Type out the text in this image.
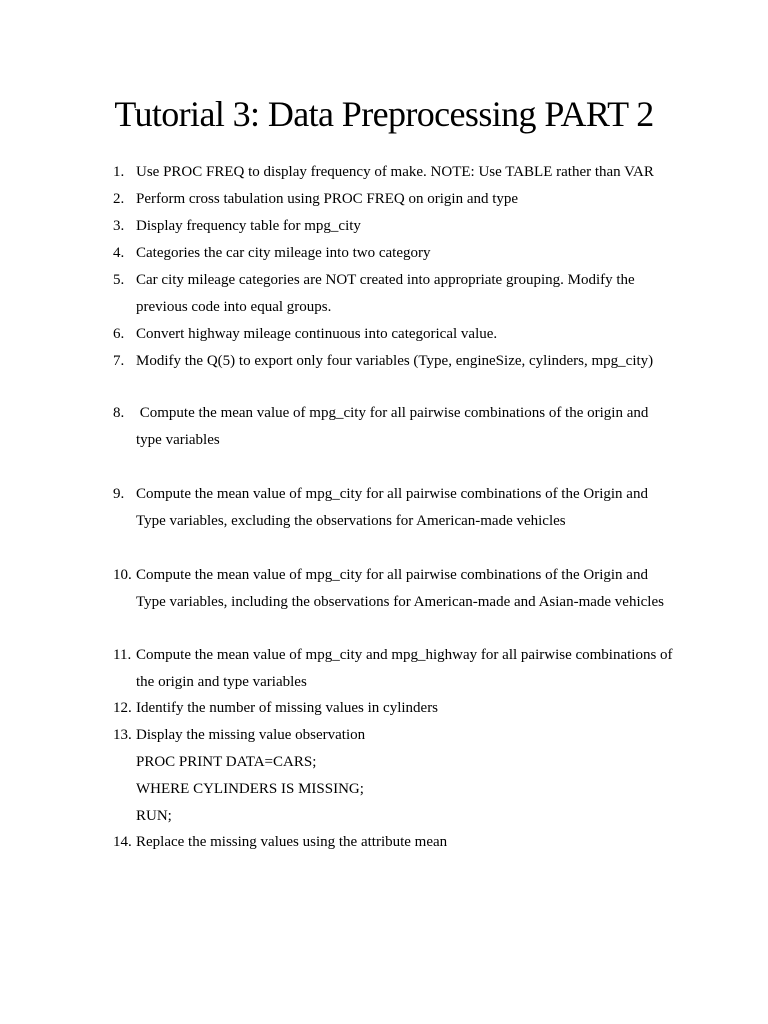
Tutorial 3: Data Preprocessing PART 2
1. Use PROC FREQ to display frequency of make. NOTE: Use TABLE rather than VAR
2. Perform cross tabulation using PROC FREQ on origin and type
3. Display frequency table for mpg_city
4. Categories the car city mileage into two category
5. Car city mileage categories are NOT created into appropriate grouping. Modify the
previous code into equal groups.
6. Convert highway mileage continuous into categorical value.
7. Modify the Q(5) to export only four variables (Type, engineSize, cylinders, mpg_city)
8. Compute the mean value of mpg_city for all pairwise combinations of the origin and
type variables
9. Compute the mean value of mpg_city for all pairwise combinations of the Origin and
Type variables, excluding the observations for American-made vehicles
10. Compute the mean value of mpg_city for all pairwise combinations of the Origin and
Type variables, including the observations for American-made and Asian-made vehicles
11. Compute the mean value of mpg_city and mpg_highway for all pairwise combinations of
the origin and type variables
12. Identify the number of missing values in cylinders
13. Display the missing value observation
PROC PRINT DATA=CARS;
WHERE CYLINDERS IS MISSING;
RUN;
14. Replace the missing values using the attribute mean
